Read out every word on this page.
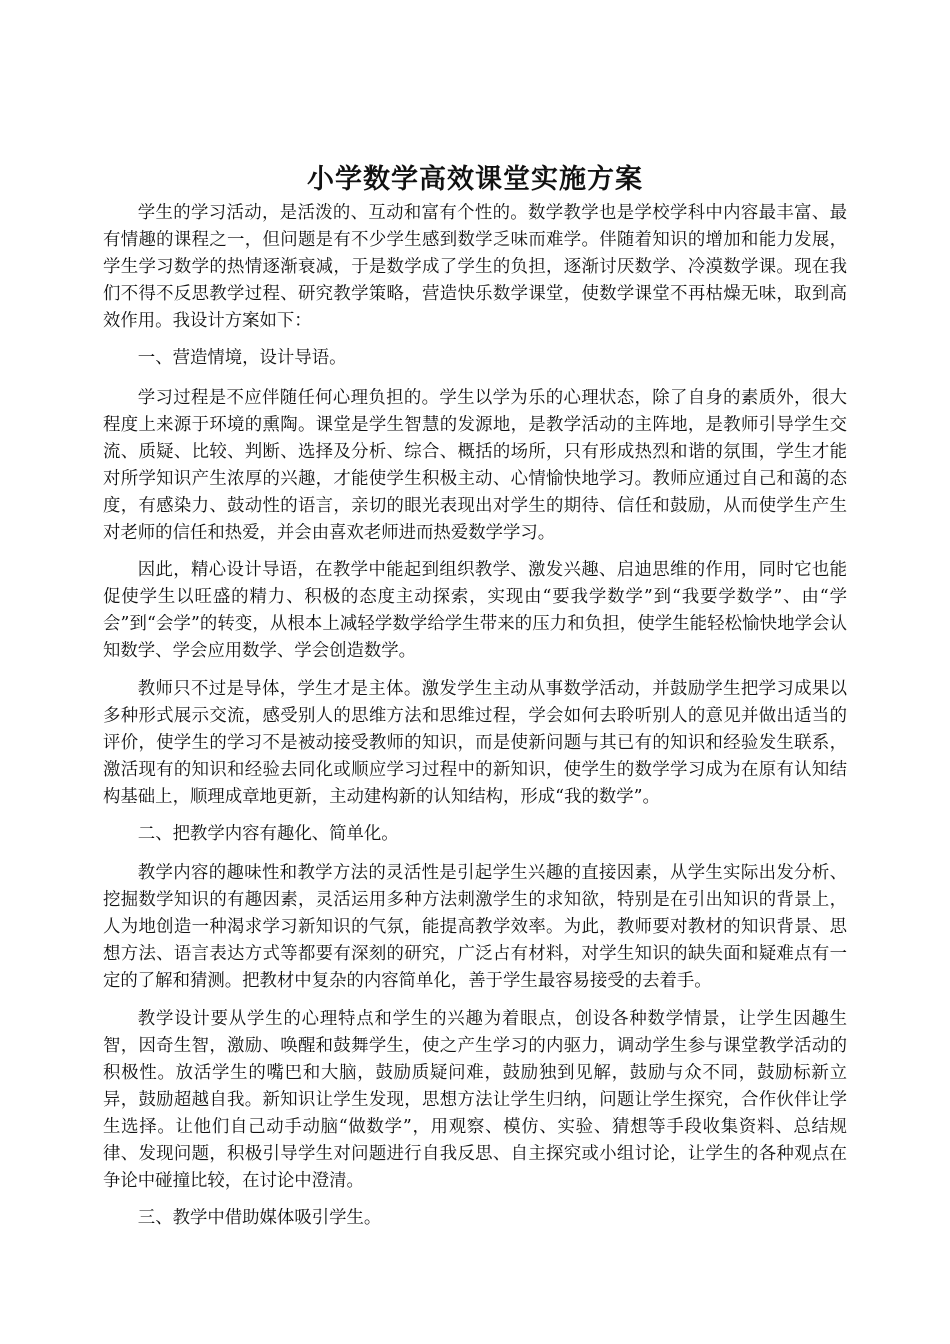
小学数学高效课堂实施方案

学生的学习活动，是活泼的、互动和富有个性的。数学教学也是学校学科中内容最丰富、最有情趣的课程之一，但问题是有不少学生感到数学乏味而难学。伴随着知识的增加和能力发展，学生学习数学的热情逐渐衰减，于是数学成了学生的负担，逐渐讨厌数学、冷漠数学课。现在我们不得不反思教学过程、研究教学策略，营造快乐数学课堂，使数学课堂不再枯燥无味，取到高效作用。我设计方案如下：

一、营造情境，设计导语。

学习过程是不应伴随任何心理负担的。学生以学为乐的心理状态，除了自身的素质外，很大程度上来源于环境的熏陶。课堂是学生智慧的发源地，是教学活动的主阵地，是教师引导学生交流、质疑、比较、判断、选择及分析、综合、概括的场所，只有形成热烈和谐的氛围，学生才能对所学知识产生浓厚的兴趣，才能使学生积极主动、心情愉快地学习。教师应通过自己和蔼的态度，有感染力、鼓动性的语言，亲切的眼光表现出对学生的期待、信任和鼓励，从而使学生产生对老师的信任和热爱，并会由喜欢老师进而热爱数学学习。

因此，精心设计导语，在教学中能起到组织教学、激发兴趣、启迪思维的作用，同时它也能促使学生以旺盛的精力、积极的态度主动探索，实现由“要我学数学”到“我要学数学”、由“学会”到“会学”的转变，从根本上减轻学数学给学生带来的压力和负担，使学生能轻松愉快地学会认知数学、学会应用数学、学会创造数学。

教师只不过是导体，学生才是主体。激发学生主动从事数学活动，并鼓励学生把学习成果以多种形式展示交流，感受别人的思维方法和思维过程，学会如何去聆听别人的意见并做出适当的评价，使学生的学习不是被动接受教师的知识，而是使新问题与其已有的知识和经验发生联系，激活现有的知识和经验去同化或顺应学习过程中的新知识，使学生的数学学习成为在原有认知结构基础上，顺理成章地更新，主动建构新的认知结构，形成“我的数学”。

二、把教学内容有趣化、简单化。

教学内容的趣味性和教学方法的灵活性是引起学生兴趣的直接因素，从学生实际出发分析、挖掘数学知识的有趣因素，灵活运用多种方法刺激学生的求知欲，特别是在引出知识的背景上，人为地创造一种渴求学习新知识的气氛，能提高教学效率。为此，教师要对教材的知识背景、思想方法、语言表达方式等都要有深刻的研究，广泛占有材料，对学生知识的缺失面和疑难点有一定的了解和猜测。把教材中复杂的内容简单化，善于学生最容易接受的去着手。

教学设计要从学生的心理特点和学生的兴趣为着眼点，创设各种数学情景，让学生因趣生智，因奇生智，激励、唤醒和鼓舞学生，使之产生学习的内驱力，调动学生参与课堂教学活动的积极性。放活学生的嘴巴和大脑，鼓励质疑问难，鼓励独到见解，鼓励与众不同，鼓励标新立异，鼓励超越自我。新知识让学生发现，思想方法让学生归纳，问题让学生探究，合作伙伴让学生选择。让他们自己动手动脑“做数学”，用观察、模仿、实验、猜想等手段收集资料、总结规律、发现问题，积极引导学生对问题进行自我反思、自主探究或小组讨论，让学生的各种观点在争论中碰撞比较，在讨论中澄清。

三、教学中借助媒体吸引学生。
